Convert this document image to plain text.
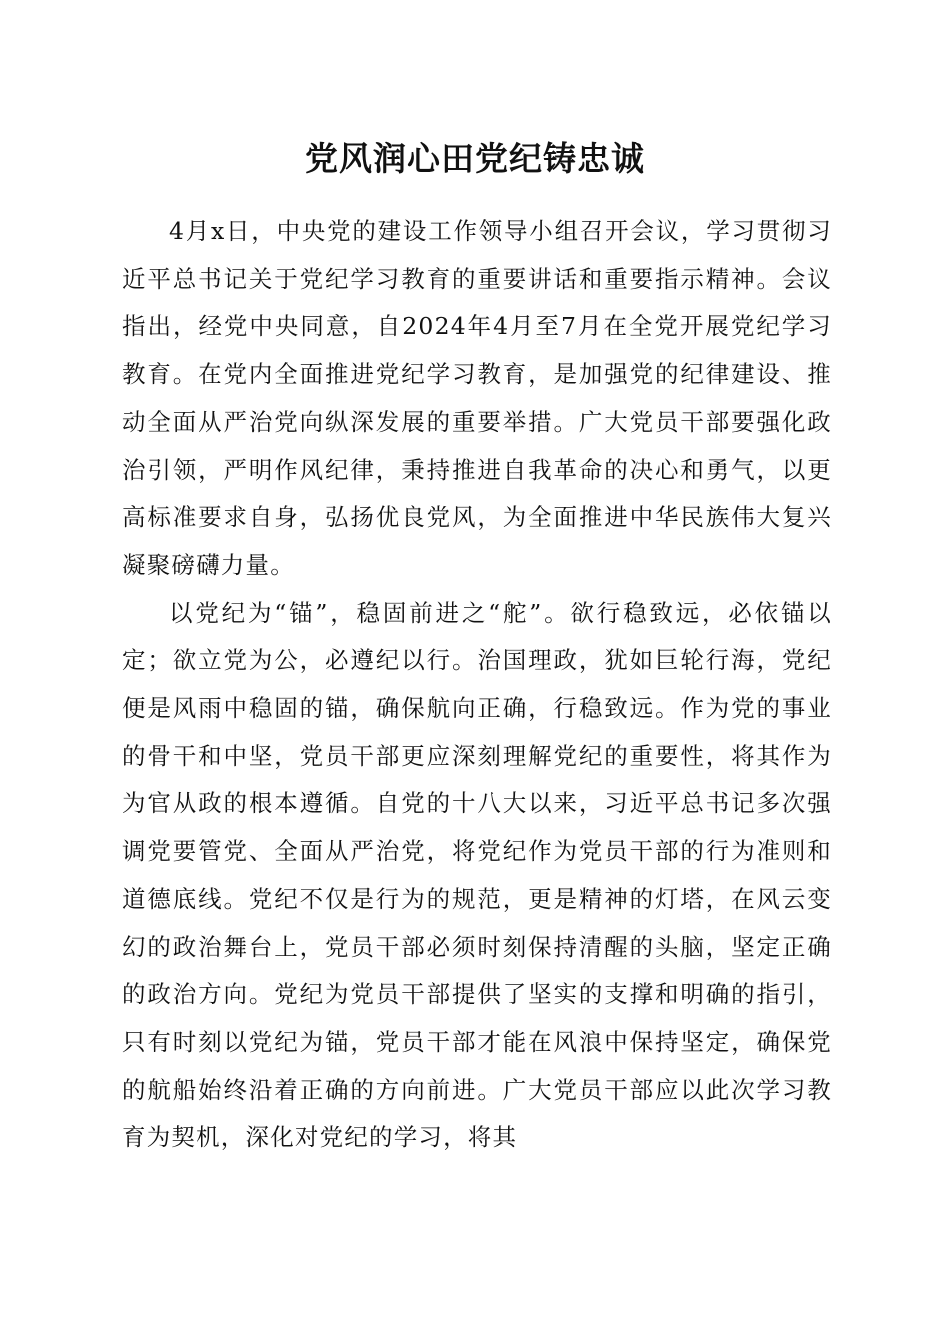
党风润心田党纪铸忠诚

4月x日，中央党的建设工作领导小组召开会议，学习贯彻习近平总书记关于党纪学习教育的重要讲话和重要指示精神。会议指出，经党中央同意，自2024年4月至7月在全党开展党纪学习教育。在党内全面推进党纪学习教育，是加强党的纪律建设、推动全面从严治党向纵深发展的重要举措。广大党员干部要强化政治引领，严明作风纪律，秉持推进自我革命的决心和勇气，以更高标准要求自身，弘扬优良党风，为全面推进中华民族伟大复兴凝聚磅礴力量。

以党纪为“锚”，稳固前进之“舵”。欲行稳致远，必依锚以定；欲立党为公，必遵纪以行。治国理政，犹如巨轮行海，党纪便是风雨中稳固的锚，确保航向正确，行稳致远。作为党的事业的骨干和中坚，党员干部更应深刻理解党纪的重要性，将其作为为官从政的根本遵循。自党的十八大以来，习近平总书记多次强调党要管党、全面从严治党，将党纪作为党员干部的行为准则和道德底线。党纪不仅是行为的规范，更是精神的灯塔，在风云变幻的政治舞台上，党员干部必须时刻保持清醒的头脑，坚定正确的政治方向。党纪为党员干部提供了坚实的支撑和明确的指引，只有时刻以党纪为锚，党员干部才能在风浪中保持坚定，确保党的航船始终沿着正确的方向前进。广大党员干部应以此次学习教育为契机，深化对党纪的学习，将其
